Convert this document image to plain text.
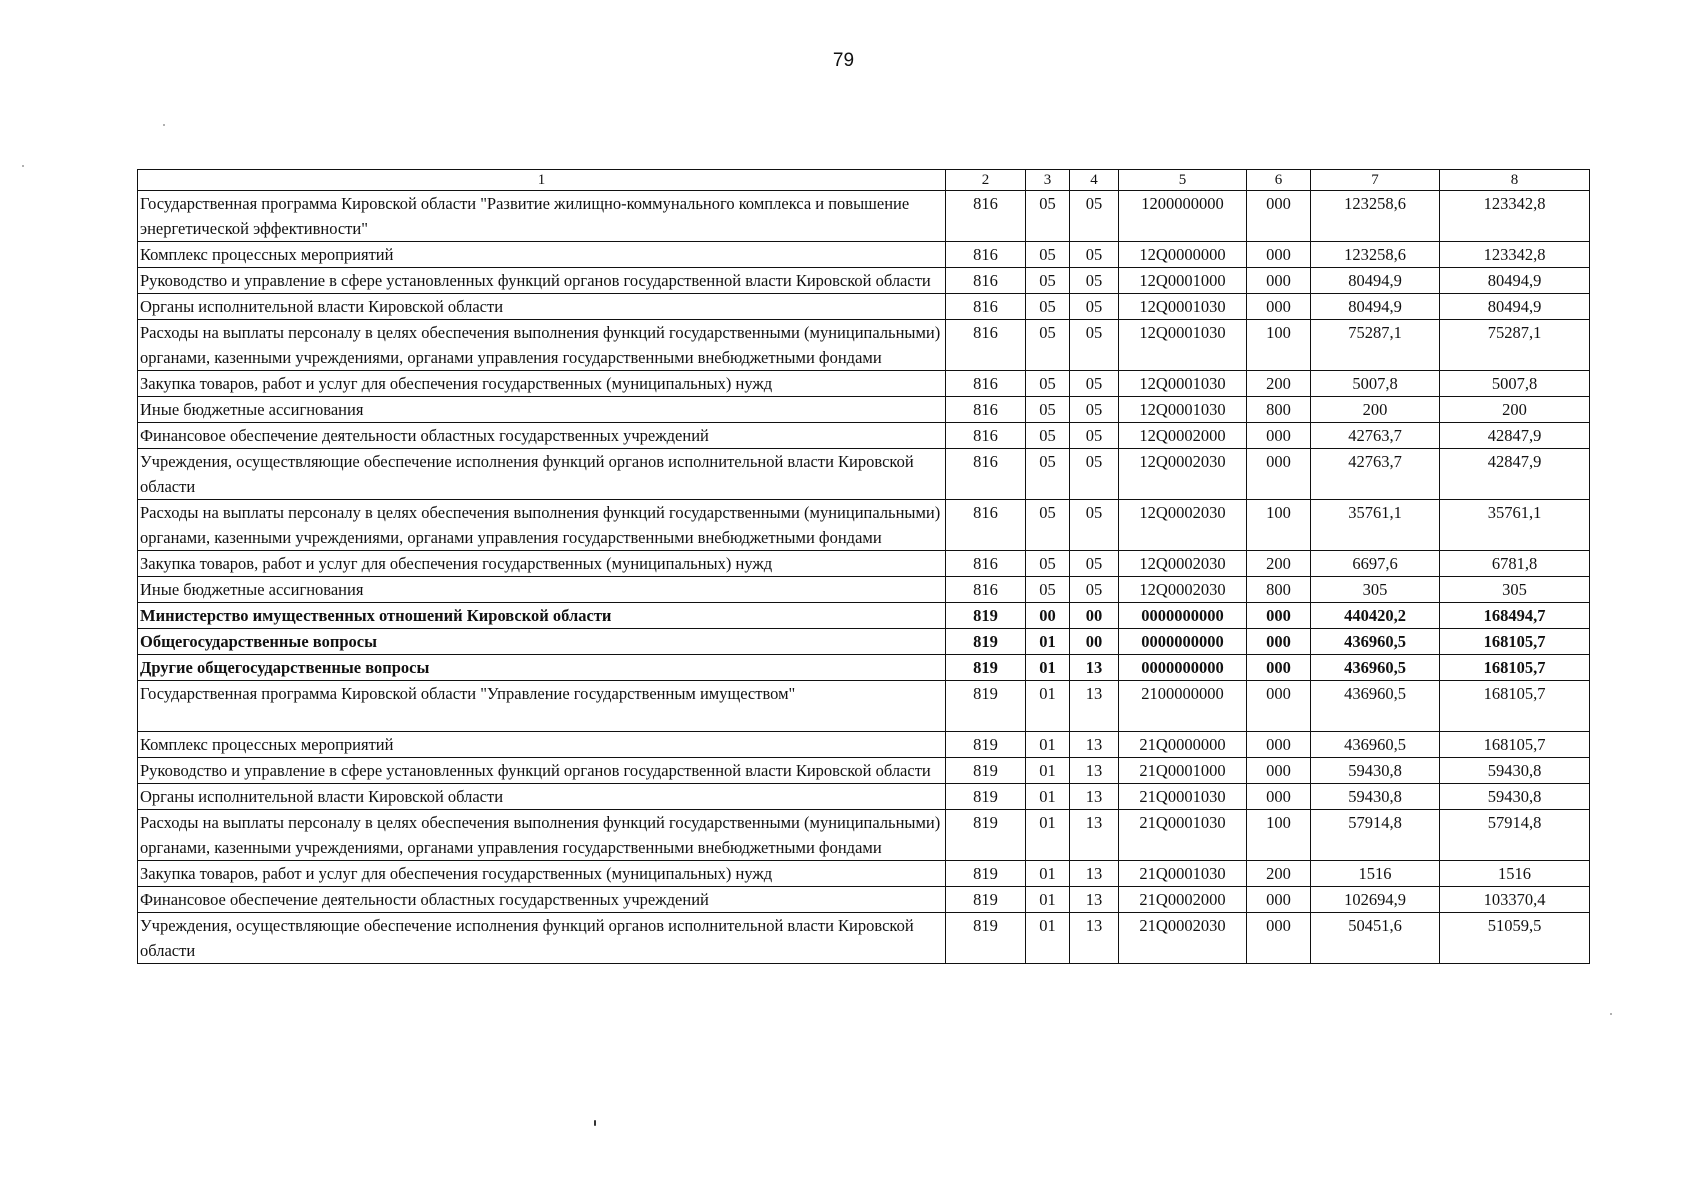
79
1	2	3	4	5	6	7	8
Государственная программа Кировской области "Развитие жилищно-коммунального комплекса и повышение энергетической эффективности"	816	05	05	1200000000	000	123258,6	123342,8
Комплекс процессных мероприятий	816	05	05	12Q0000000	000	123258,6	123342,8
Руководство и управление в сфере установленных функций органов государственной власти Кировской области	816	05	05	12Q0001000	000	80494,9	80494,9
Органы исполнительной власти Кировской области	816	05	05	12Q0001030	000	80494,9	80494,9
Расходы на выплаты персоналу в целях обеспечения выполнения функций государственными (муниципальными) органами, казенными учреждениями, органами управления государственными внебюджетными фондами	816	05	05	12Q0001030	100	75287,1	75287,1
Закупка товаров, работ и услуг для обеспечения государственных (муниципальных) нужд	816	05	05	12Q0001030	200	5007,8	5007,8
Иные бюджетные ассигнования	816	05	05	12Q0001030	800	200	200
Финансовое обеспечение деятельности областных государственных учреждений	816	05	05	12Q0002000	000	42763,7	42847,9
Учреждения, осуществляющие обеспечение исполнения функций органов исполнительной власти Кировской области	816	05	05	12Q0002030	000	42763,7	42847,9
Расходы на выплаты персоналу в целях обеспечения выполнения функций государственными (муниципальными) органами, казенными учреждениями, органами управления государственными внебюджетными фондами	816	05	05	12Q0002030	100	35761,1	35761,1
Закупка товаров, работ и услуг для обеспечения государственных (муниципальных) нужд	816	05	05	12Q0002030	200	6697,6	6781,8
Иные бюджетные ассигнования	816	05	05	12Q0002030	800	305	305
Министерство имущественных отношений Кировской области	819	00	00	0000000000	000	440420,2	168494,7
Общегосударственные вопросы	819	01	00	0000000000	000	436960,5	168105,7
Другие общегосударственные вопросы	819	01	13	0000000000	000	436960,5	168105,7
Государственная программа Кировской области "Управление государственным имуществом"	819	01	13	2100000000	000	436960,5	168105,7
Комплекс процессных мероприятий	819	01	13	21Q0000000	000	436960,5	168105,7
Руководство и управление в сфере установленных функций органов государственной власти Кировской области	819	01	13	21Q0001000	000	59430,8	59430,8
Органы исполнительной власти Кировской области	819	01	13	21Q0001030	000	59430,8	59430,8
Расходы на выплаты персоналу в целях обеспечения выполнения функций государственными (муниципальными) органами, казенными учреждениями, органами управления государственными внебюджетными фондами	819	01	13	21Q0001030	100	57914,8	57914,8
Закупка товаров, работ и услуг для обеспечения государственных (муниципальных) нужд	819	01	13	21Q0001030	200	1516	1516
Финансовое обеспечение деятельности областных государственных учреждений	819	01	13	21Q0002000	000	102694,9	103370,4
Учреждения, осуществляющие обеспечение исполнения функций органов исполнительной власти Кировской области	819	01	13	21Q0002030	000	50451,6	51059,5
